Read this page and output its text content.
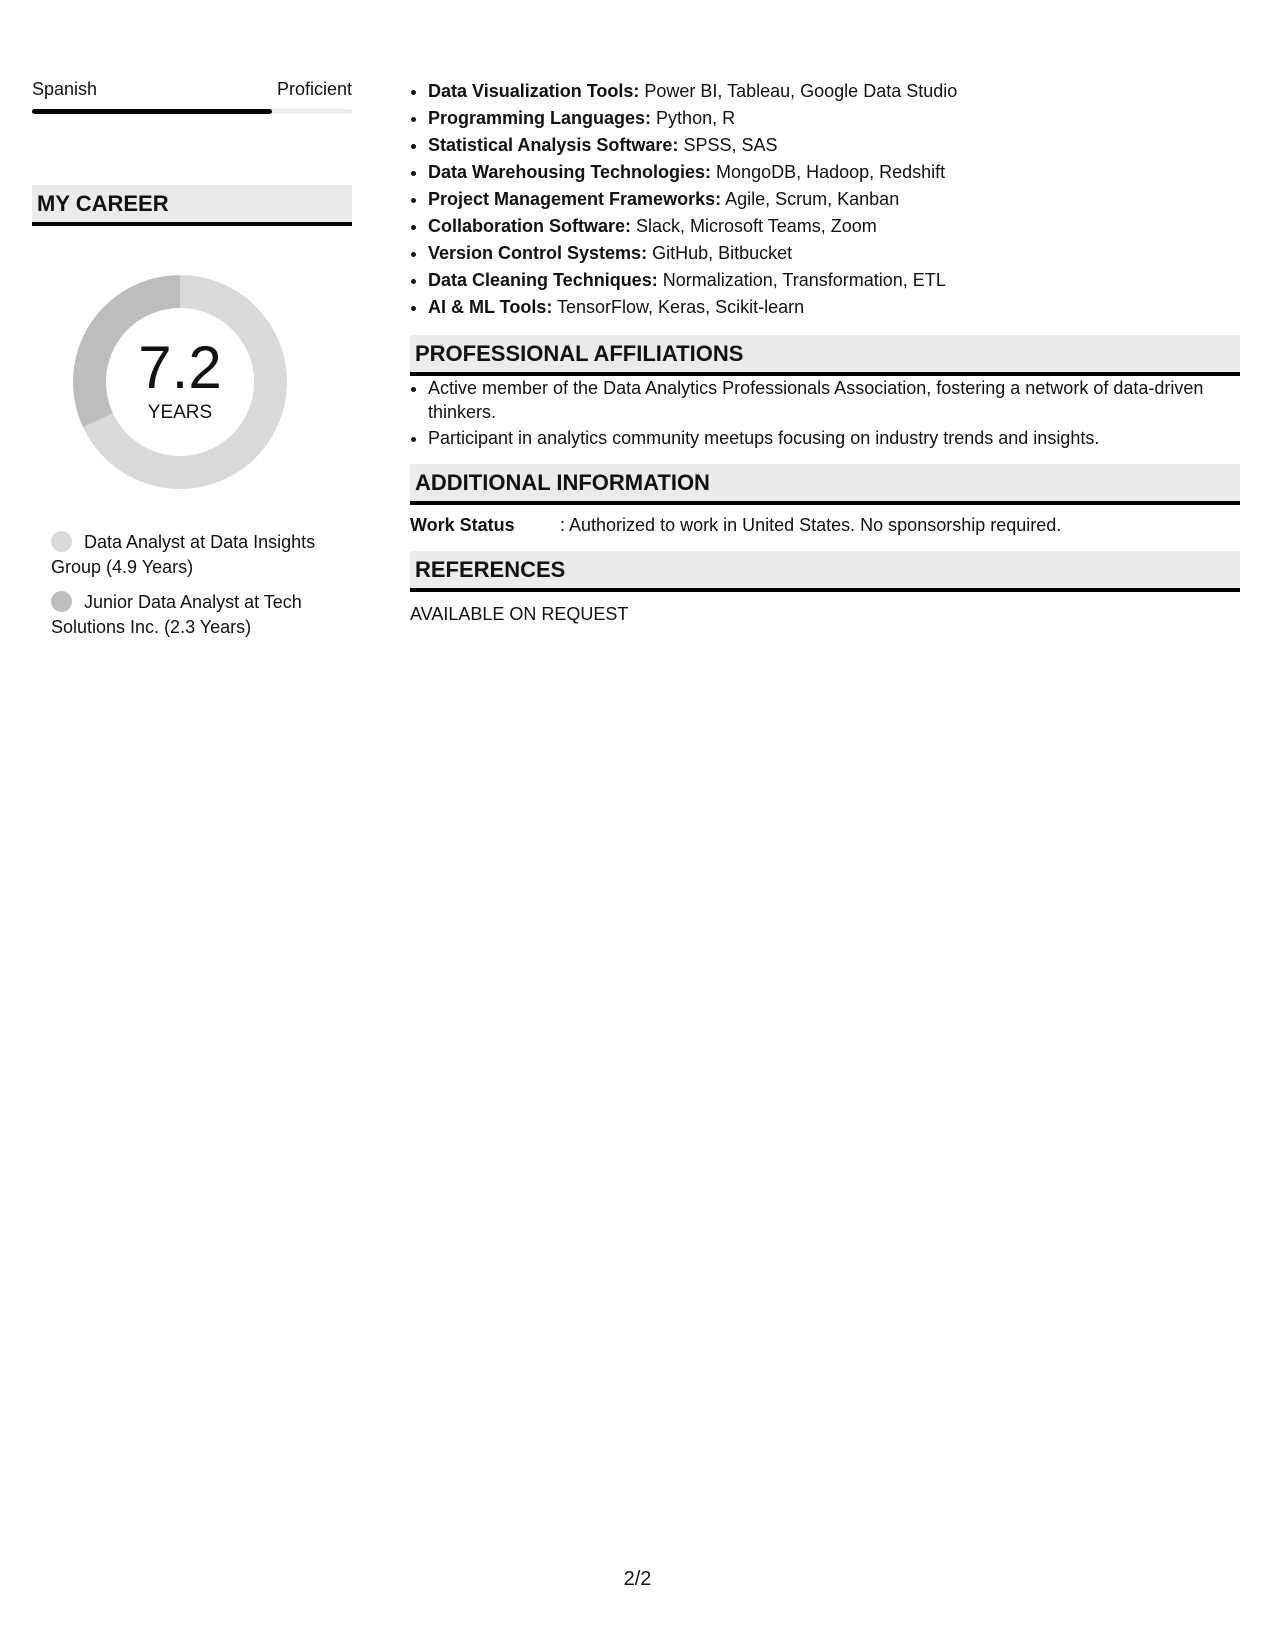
Spanish	Proficient
MY CAREER
7.2
YEARS
Data Analyst at Data Insights Group (4.9 Years)
Junior Data Analyst at Tech Solutions Inc. (2.3 Years)
• Data Visualization Tools: Power BI, Tableau, Google Data Studio
• Programming Languages: Python, R
• Statistical Analysis Software: SPSS, SAS
• Data Warehousing Technologies: MongoDB, Hadoop, Redshift
• Project Management Frameworks: Agile, Scrum, Kanban
• Collaboration Software: Slack, Microsoft Teams, Zoom
• Version Control Systems: GitHub, Bitbucket
• Data Cleaning Techniques: Normalization, Transformation, ETL
• AI & ML Tools: TensorFlow, Keras, Scikit-learn
PROFESSIONAL AFFILIATIONS
• Active member of the Data Analytics Professionals Association, fostering a network of data-driven thinkers.
• Participant in analytics community meetups focusing on industry trends and insights.
ADDITIONAL INFORMATION
Work Status	: Authorized to work in United States. No sponsorship required.
REFERENCES
AVAILABLE ON REQUEST
2/2
